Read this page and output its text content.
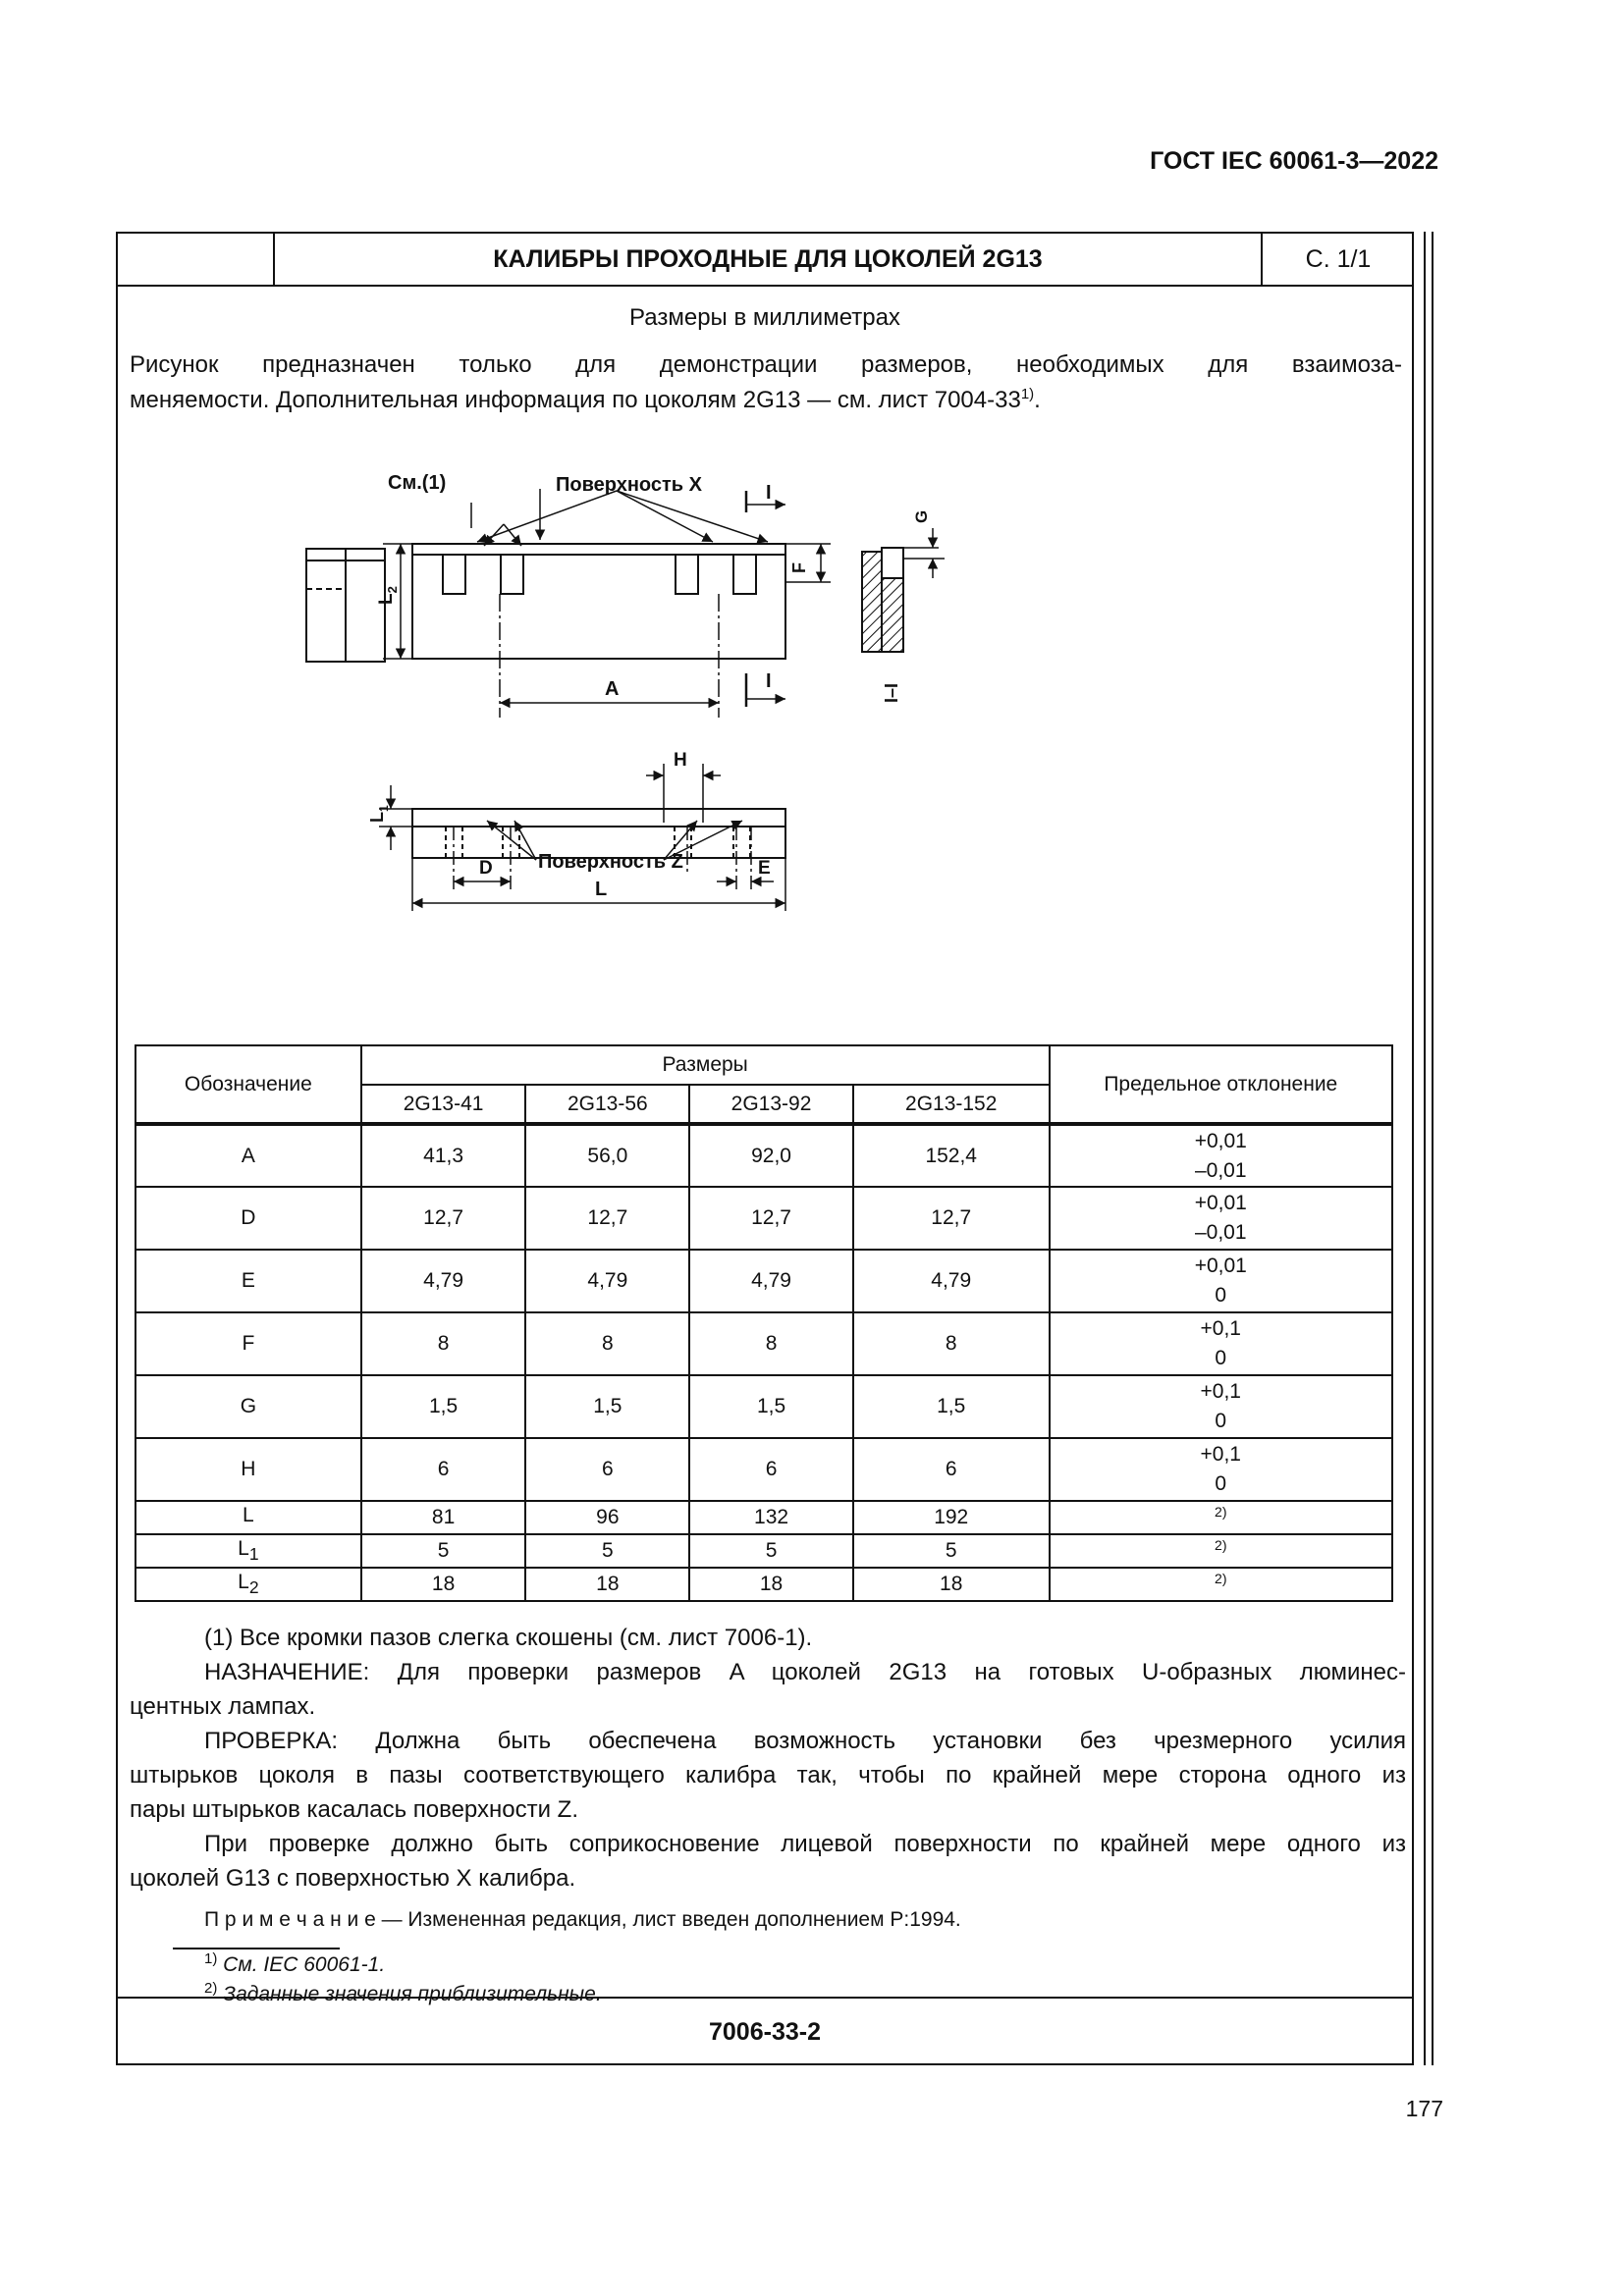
ГОСТ IEC 60061-3—2022
КАЛИБРЫ ПРОХОДНЫЕ ДЛЯ ЦОКОЛЕЙ 2G13	С. 1/1
Размеры в миллиметрах
Рисунок предназначен только для демонстрации размеров, необходимых для взаимоза-
меняемости. Дополнительная информация по цоколям 2G13 — см. лист 7004-33$^{1)}$.
См.(1)	Поверхность X
$L_2$
A
I
I
F
G
I–I
D	E
H
$L_1$
L
Поверхность Z
Обозначение	Размеры				Предельное отклонение
	2G13-41	2G13-56	2G13-92	2G13-152	
A	41,3	56,0	92,0	152,4	+0,01
–0,01

D	12,7	12,7	12,7	12,7	+0,01
–0,01

E	4,79	4,79	4,79	4,79	+0,01
0

F	8	8	8	8	+0,1
0

G	1,5	1,5	1,5	1,5	+0,1
0

H	6	6	6	6	+0,1
0

L	81	96	132	192	2)
$L_1$	5	5	5	5	2)
$L_2$	18	18	18	18	2)
(1) Все кромки пазов слегка скошены (см. лист 7006-1).
НАЗНАЧЕНИЕ: Для проверки размеров A цоколей 2G13 на готовых U-образных люминес-
центных лампах.
ПРОВЕРКА: Должна быть обеспечена возможность установки без чрезмерного усилия
штырьков цоколя в пазы соответствующего калибра так, чтобы по крайней мере сторона одного из
пары штырьков касалась поверхности Z.
При проверке должно быть соприкосновение лицевой поверхности по крайней мере одного из
цоколей G13 с поверхностью X калибра.
П р и м е ч а н и е — Измененная редакция, лист введен дополнением P:1994.
$^{1)}$ См. IEC 60061-1.
$^{2)}$ Заданные значения приблизительные.
7006-33-2
177
